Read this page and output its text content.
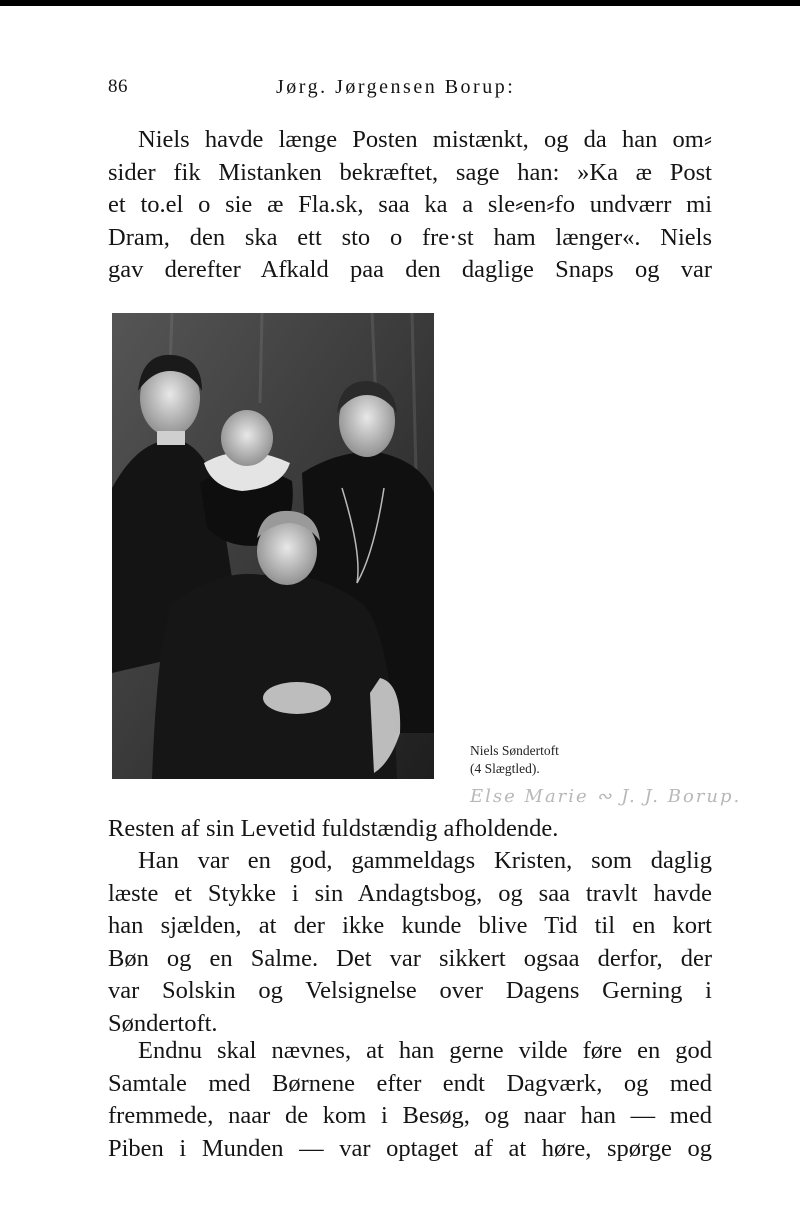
86	Jørg. Jørgensen Borup:
Niels havde længe Posten mistænkt, og da han om⸗
sider fik Mistanken bekræftet, sage han: »Ka æ Post
et to.el o sie æ Fla.sk, saa ka a sle⸗en⸗fo undværr mi
Dram, den ska ett sto o fre·st ham længer«. Niels
gav derefter Afkald paa den daglige Snaps og var
Niels Søndertoft
(4 Slægtled).
Else Marie ∾ J. J. Borup.
Resten af sin Levetid fuldstændig afholdende.
Han var en god, gammeldags Kristen, som daglig
læste et Stykke i sin Andagtsbog, og saa travlt havde
han sjælden, at der ikke kunde blive Tid til en kort
Bøn og en Salme. Det var sikkert ogsaa derfor, der
var Solskin og Velsignelse over Dagens Gerning i
Søndertoft.
Endnu skal nævnes, at han gerne vilde føre en god
Samtale med Børnene efter endt Dagværk, og med
fremmede, naar de kom i Besøg, og naar han — med
Piben i Munden — var optaget af at høre, spørge og
